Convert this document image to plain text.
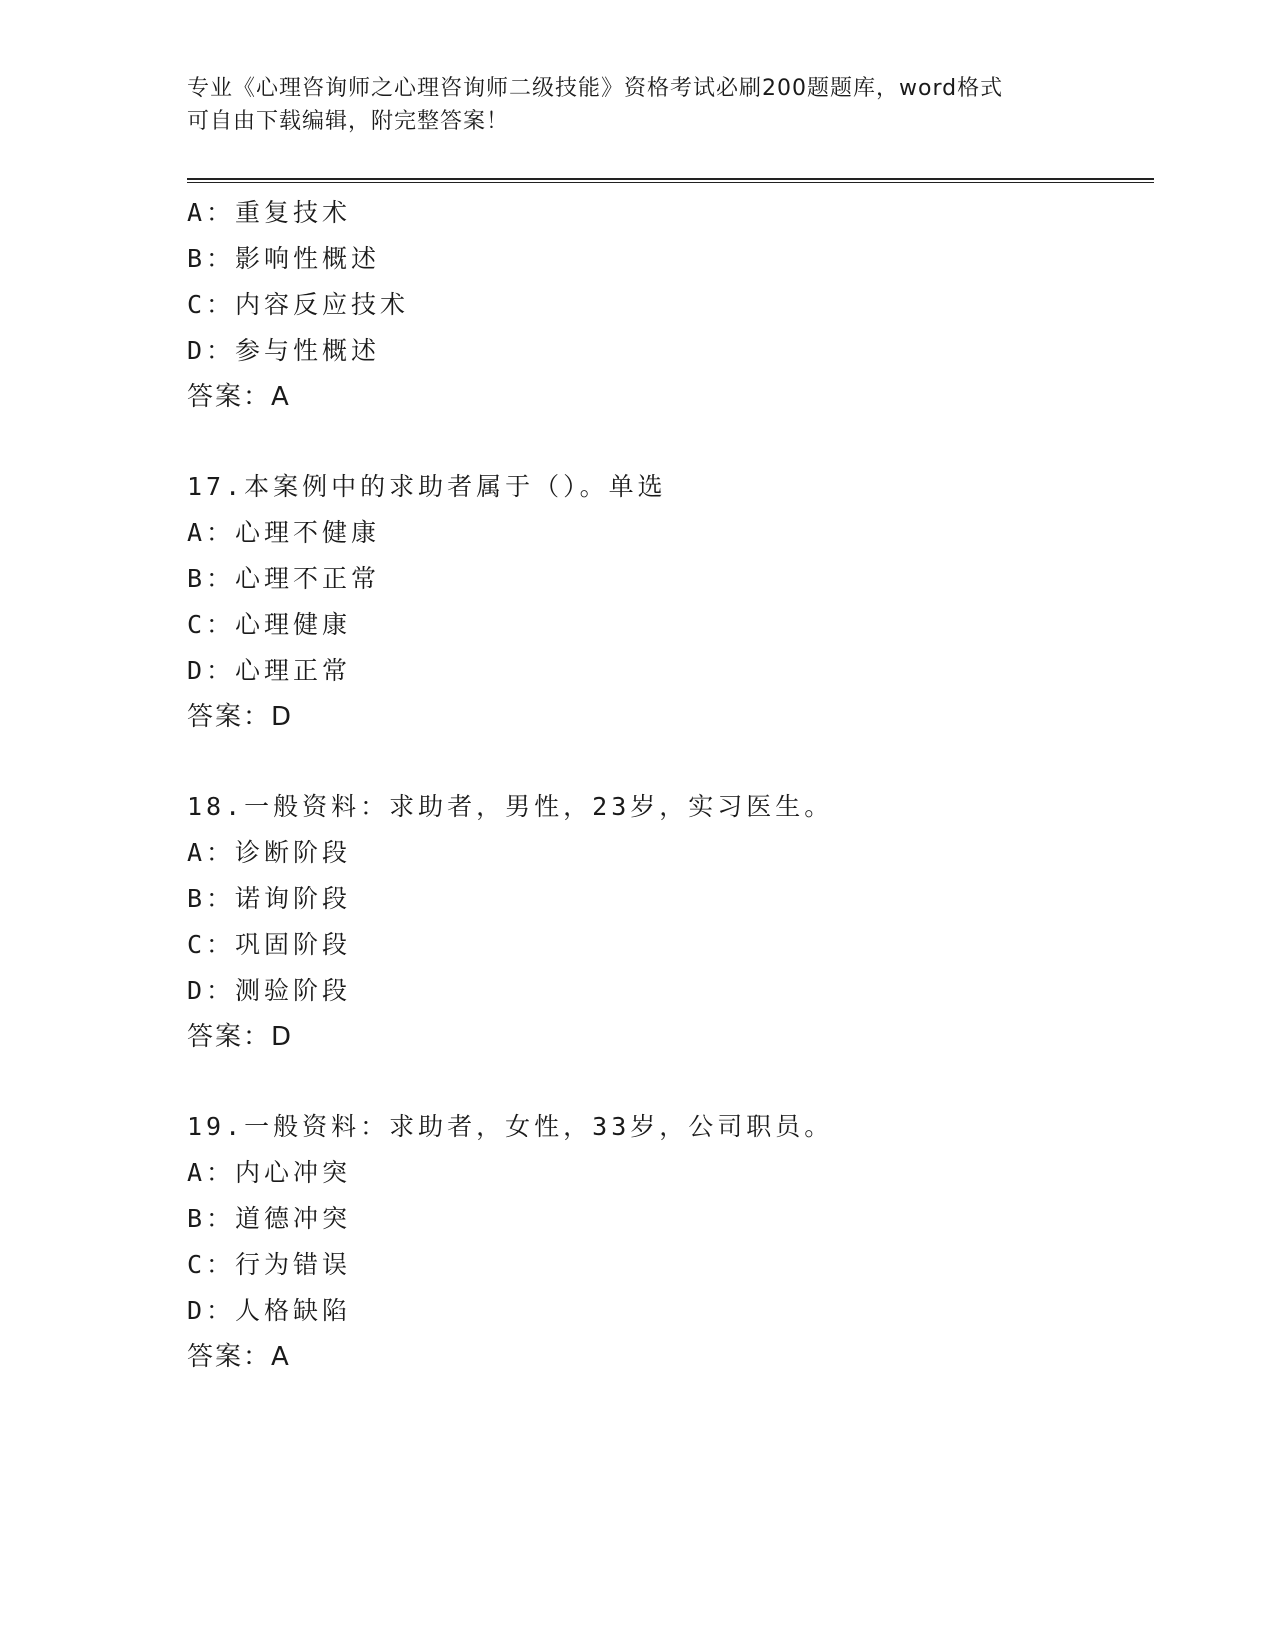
专业《心理咨询师之心理咨询师二级技能》资格考试必刷200题题库，word格式
可自由下载编辑，附完整答案！
A：重复技术
B：影响性概述
C：内容反应技术
D：参与性概述
答案：A
17.本案例中的求助者属于（）。单选
A：心理不健康
B：心理不正常
C：心理健康
D：心理正常
答案：D
18.一般资料：求助者，男性，23岁，实习医生。
A：诊断阶段
B：诺询阶段
C：巩固阶段
D：测验阶段
答案：D
19.一般资料：求助者，女性，33岁，公司职员。
A：内心冲突
B：道德冲突
C：行为错误
D：人格缺陷
答案：A
